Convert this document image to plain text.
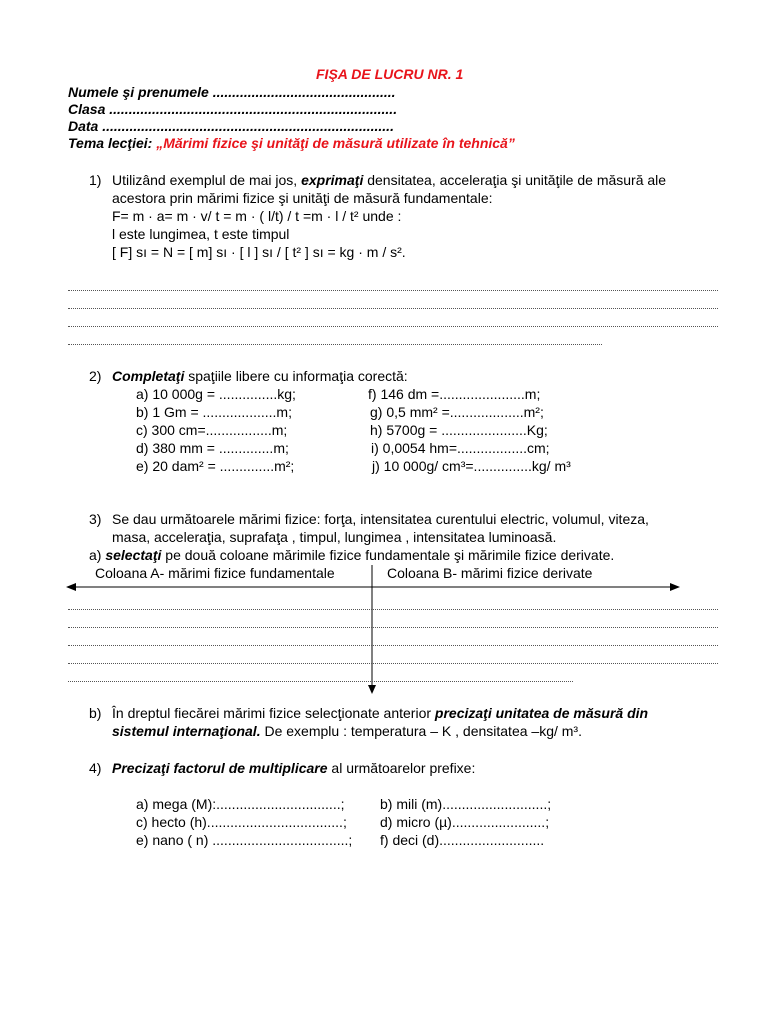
FIŞA DE LUCRU NR. 1
Numele şi prenumele ...............................................
Clasa ..........................................................................
Data ...........................................................................
Tema lecţiei: „Mărimi fizice şi unităţi de măsură utilizate în tehnică”
1) Utilizând exemplul de mai jos, exprimaţi densitatea, acceleraţia şi unităţile de măsură ale
acestora prin mărimi fizice şi unităţi de măsură fundamentale:
F= m · a= m · v/ t = m · ( l/t) / t =m · l / t² unde :
l este lungimea, t este timpul
[ F] sı = N = [ m] sı · [ l ] sı / [ t² ] sı = kg · m / s².
2) Completaţi spaţiile libere cu informaţia corectă:
a) 10 000g = ...............kg;
b) 1 Gm = ...................m;
c) 300 cm=.................m;
d) 380 mm = ..............m;
e) 20 dam² = ..............m²;
f) 146 dm =......................m;
g) 0,5 mm² =...................m²;
h) 5700g = ......................Kg;
i) 0,0054 hm=..................cm;
j) 10 000g/ cm³=...............kg/ m³
3) Se dau următoarele mărimi fizice: forţa, intensitatea curentului electric, volumul, viteza,
masa, acceleraţia, suprafaţa , timpul, lungimea , intensitatea luminoasă.
a) selectaţi pe două coloane mărimile fizice fundamentale şi mărimile fizice derivate.
Coloana A- mărimi fizice fundamentale	Coloana B- mărimi fizice derivate
b) În dreptul fiecărei mărimi fizice selecţionate anterior precizaţi unitatea de măsură din
sistemul internaţional. De exemplu : temperatura – K , densitatea –kg/ m³.
4) Precizaţi factorul de multiplicare al următoarelor prefixe:
a) mega (M):................................;
c) hecto (h)...................................;
e) nano ( n) ...................................;
b) mili (m)...........................;
d) micro (µ)........................;
f) deci (d)...........................
